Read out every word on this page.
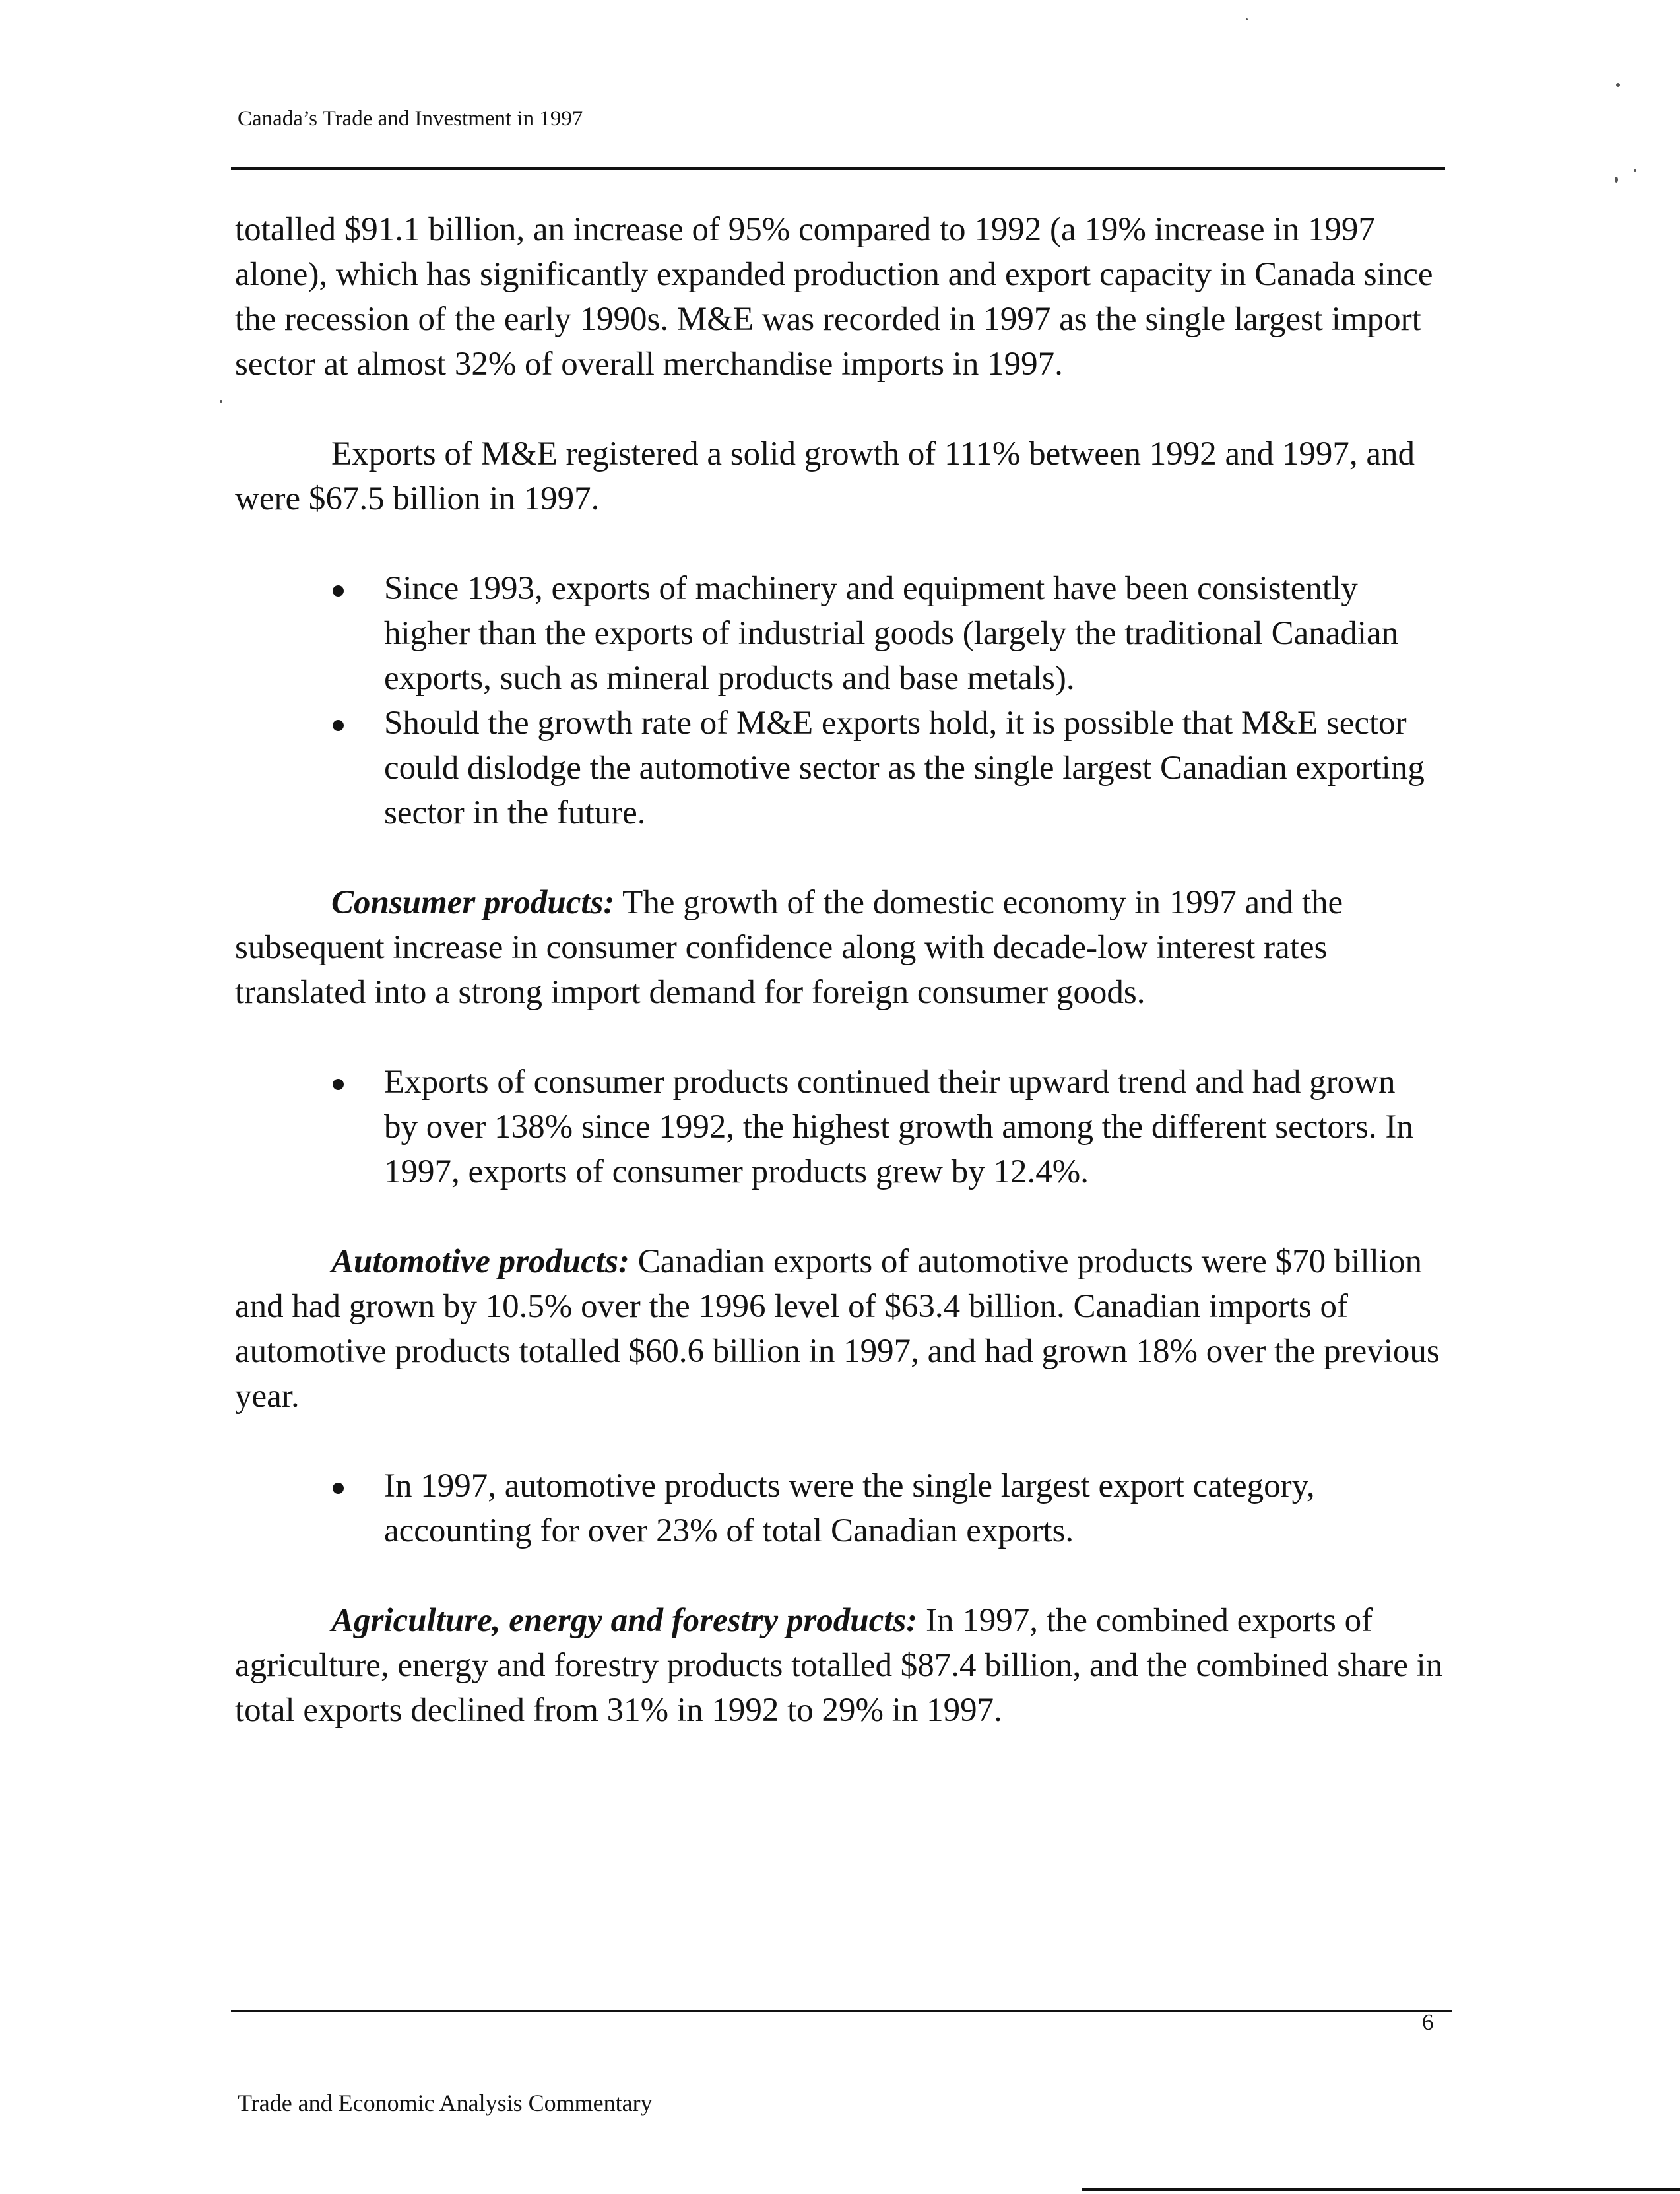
Canada’s Trade and Investment in 1997

totalled $91.1 billion, an increase of 95% compared to 1992 (a 19% increase in 1997 alone), which has significantly expanded production and export capacity in Canada since the recession of the early 1990s. M&E was recorded in 1997 as the single largest import sector at almost 32% of overall merchandise imports in 1997.

Exports of M&E registered a solid growth of 111% between 1992 and 1997, and were $67.5 billion in 1997.

Since 1993, exports of machinery and equipment have been consistently higher than the exports of industrial goods (largely the traditional Canadian exports, such as mineral products and base metals).
Should the growth rate of M&E exports hold, it is possible that M&E sector could dislodge the automotive sector as the single largest Canadian exporting sector in the future.

Consumer products: The growth of the domestic economy in 1997 and the subsequent increase in consumer confidence along with decade-low interest rates translated into a strong import demand for foreign consumer goods.

Exports of consumer products continued their upward trend and had grown by over 138% since 1992, the highest growth among the different sectors. In 1997, exports of consumer products grew by 12.4%.

Automotive products: Canadian exports of automotive products were $70 billion and had grown by 10.5% over the 1996 level of $63.4 billion. Canadian imports of automotive products totalled $60.6 billion in 1997, and had grown 18% over the previous year.

In 1997, automotive products were the single largest export category, accounting for over 23% of total Canadian exports.

Agriculture, energy and forestry products: In 1997, the combined exports of agriculture, energy and forestry products totalled $87.4 billion, and the combined share in total exports declined from 31% in 1992 to 29% in 1997.

6
Trade and Economic Analysis Commentary
